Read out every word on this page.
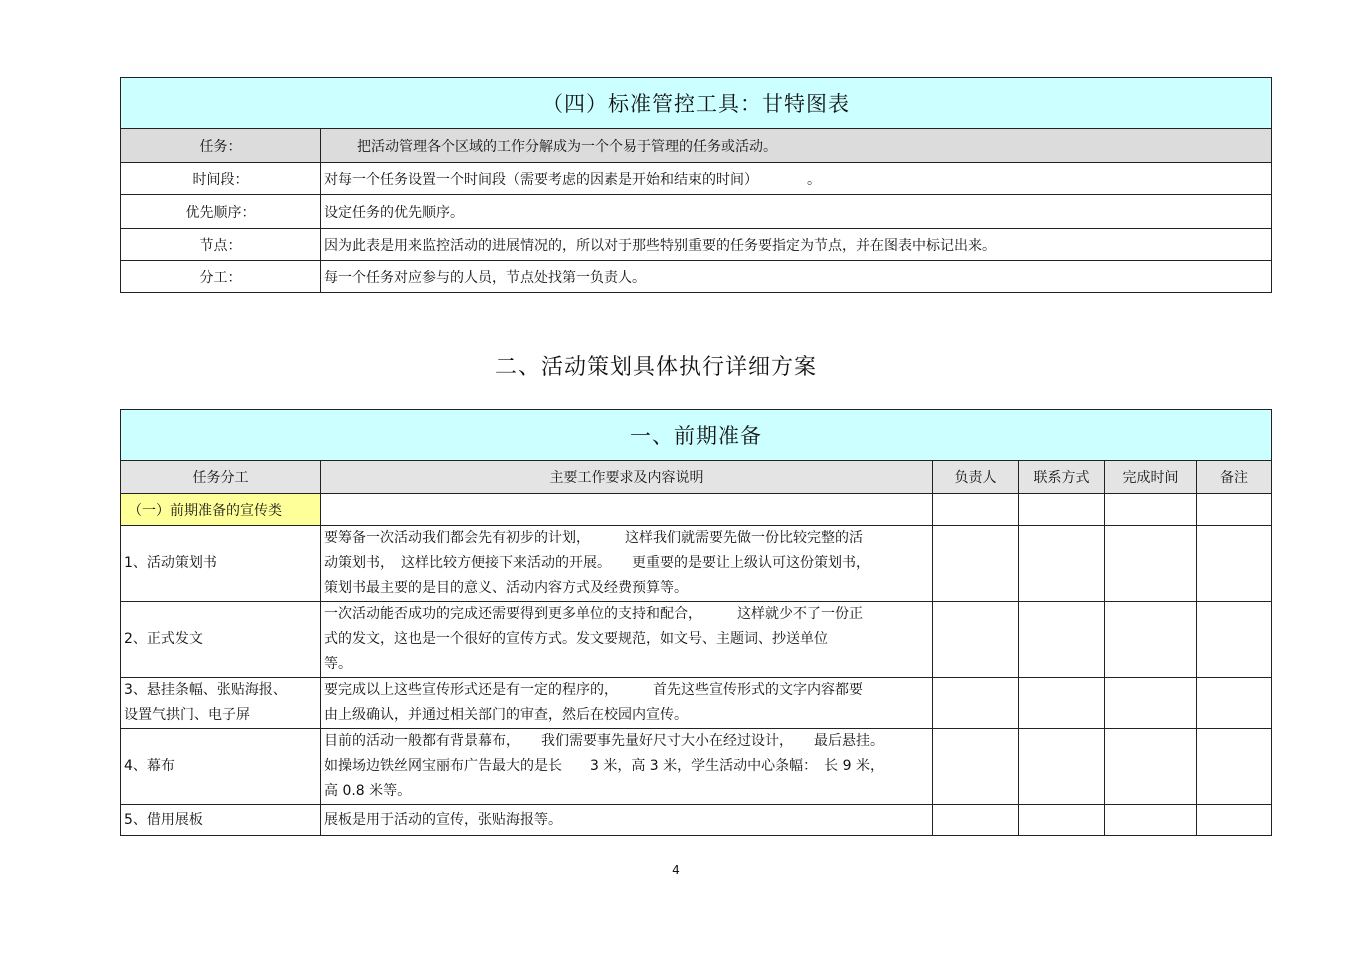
（四）标准管控工具：甘特图表	
任务：	把活动管理各个区域的工作分解成为一个个易于管理的任务或活动。
时间段：	对每一个任务设置一个时间段（需要考虑的因素是开始和结束的时间）　　　　。
优先顺序：	设定任务的优先顺序。
节点：	因为此表是用来监控活动的进展情况的，所以对于那些特别重要的任务要指定为节点，并在图表中标记出来。
分工：	每一个任务对应参与的人员，节点处找第一负责人。
二、活动策划具体执行详细方案
一、前期准备					
任务分工	主要工作要求及内容说明	负责人	联系方式	完成时间	备注
（一）前期准备的宣传类					

1、活动策划书	要筹备一次活动我们都会先有初步的计划，　　　这样我们就需要先做一份比较完整的活
动策划书，　这样比较方便接下来活动的开展。　　更重要的是要让上级认可这份策划书，
策划书最主要的是目的意义、活动内容方式及经费预算等。				

2、正式发文	一次活动能否成功的完成还需要得到更多单位的支持和配合，　　　这样就少不了一份正
式的发文，这也是一个很好的宣传方式。发文要规范，如文号、主题词、抄送单位
等。				

3、悬挂条幅、张贴海报、
设置气拱门、电子屏	要完成以上这些宣传形式还是有一定的程序的，　　　首先这些宣传形式的文字内容都要
由上级确认，并通过相关部门的审查，然后在校园内宣传。				

4、幕布	目前的活动一般都有背景幕布，　　我们需要事先量好尺寸大小在经过设计，　　最后悬挂。
如操场边铁丝网宝丽布广告最大的是长　　3 米，高 3 米，学生活动中心条幅：　长 9 米，
高 0.8 米等。				

5、借用展板	展板是用于活动的宣传，张贴海报等。				

4
